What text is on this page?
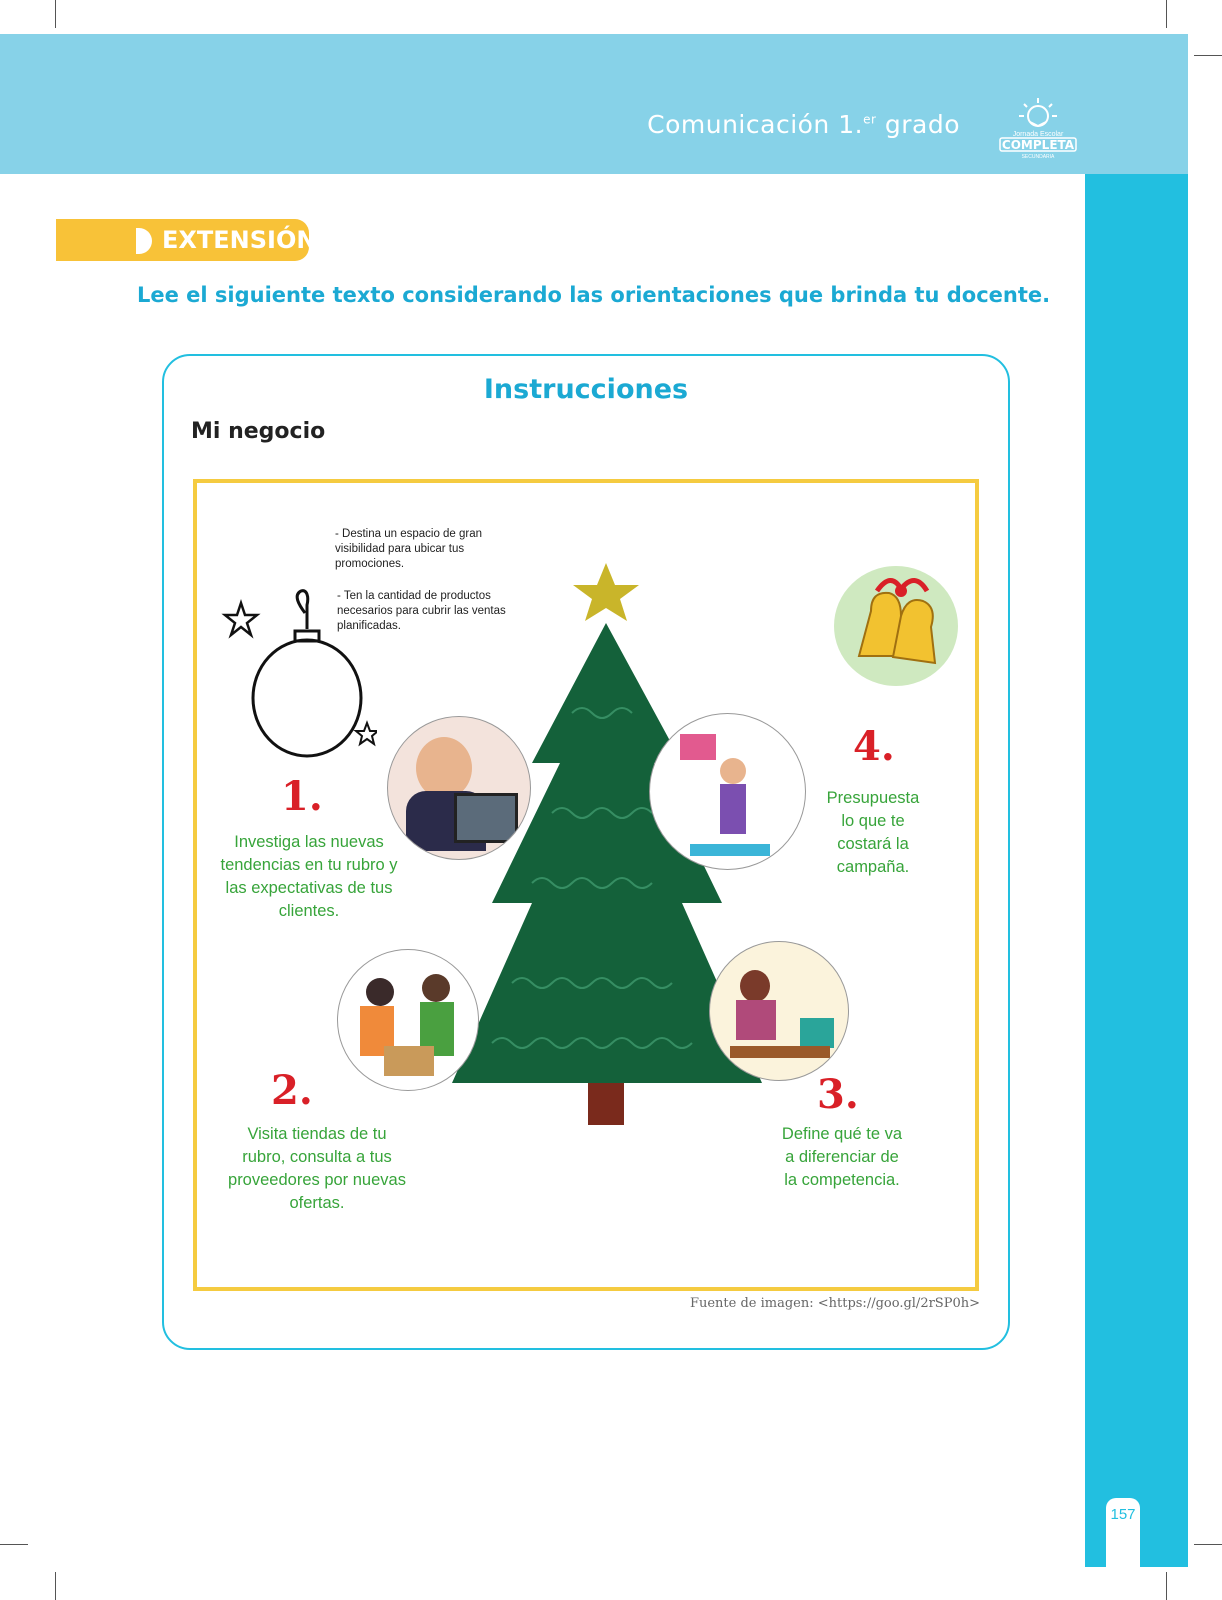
Comunicación 1.$^{er}$ grado	Jornada Escolar
COMPLETA
SECUNDARIA
157
EXTENSIÓN
Lee el siguiente texto considerando las orientaciones que brinda tu docente.
Instrucciones
Mi negocio
- Destina un espacio de gran visibilidad para ubicar tus promociones.
- Ten la cantidad de productos necesarios para cubrir las ventas planificadas.
1.
Investiga las nuevas tendencias en tu rubro y las expectativas de tus clientes.
4.
Presupuesta lo que te costará la campaña.
2.
Visita tiendas de tu rubro, consulta a tus proveedores por nuevas ofertas.
3.
Define qué te va a diferenciar de la competencia.
Fuente de imagen: <https://goo.gl/2rSP0h>
